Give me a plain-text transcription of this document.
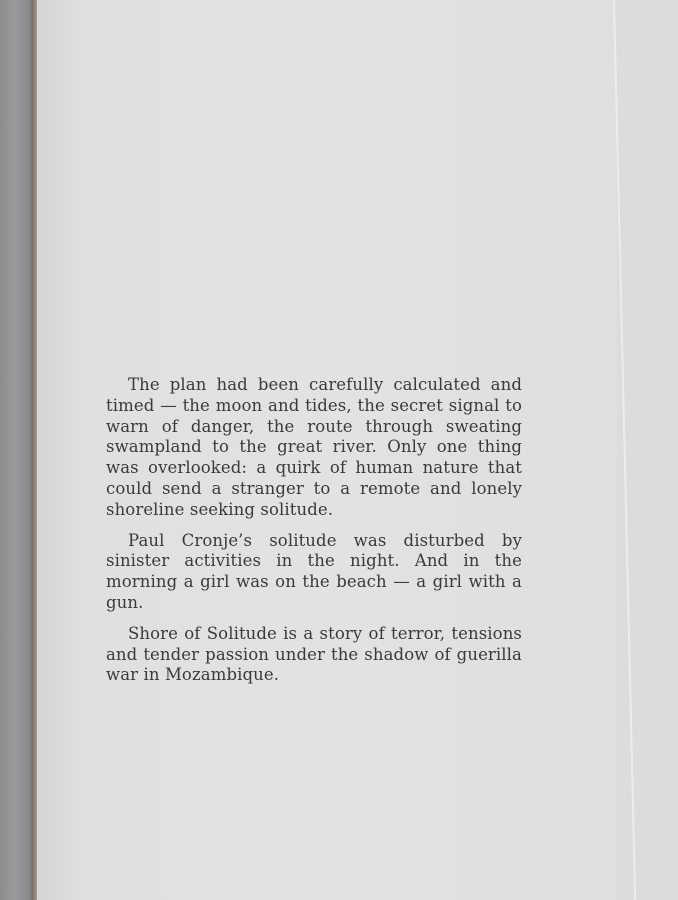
The plan had been carefully calculated and timed — the moon and tides, the secret signal to warn of danger, the route through sweating swampland to the great river. Only one thing was overlooked: a quirk of human nature that could send a stranger to a remote and lonely shoreline seeking solitude.

Paul Cronje’s solitude was disturbed by sinister activities in the night. And in the morning a girl was on the beach — a girl with a gun.

Shore of Solitude is a story of terror, tensions and tender passion under the shadow of guerilla war in Mozambique.
